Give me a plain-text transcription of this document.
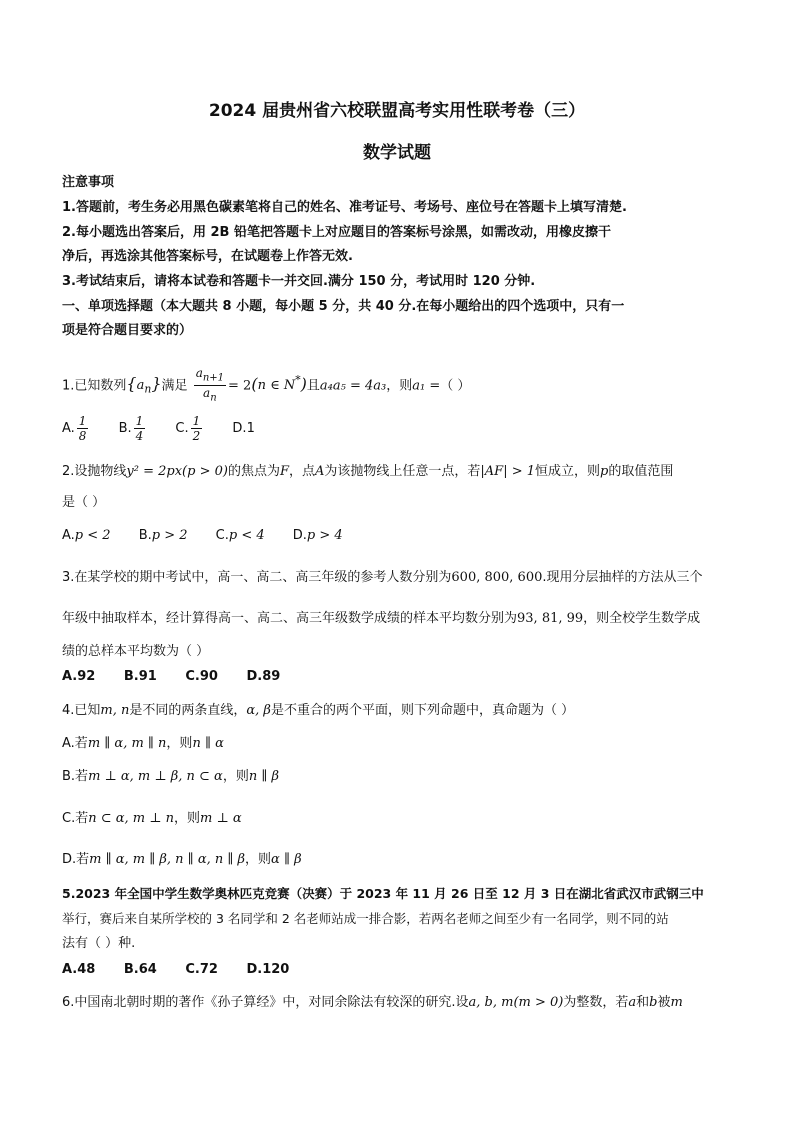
2024 届贵州省六校联盟高考实用性联考卷（三）
数学试题
注意事项
1.答题前，考生务必用黑色碳素笔将自己的姓名、准考证号、考场号、座位号在答题卡上填写清楚.
2.每小题选出答案后，用 2B 铅笔把答题卡上对应题目的答案标号涂黑，如需改动，用橡皮擦干
净后，再选涂其他答案标号，在试题卷上作答无效.
3.考试结束后，请将本试卷和答题卡一并交回.满分 150 分，考试用时 120 分钟.
一、单项选择题（本大题共 8 小题，每小题 5 分，共 40 分.在每小题给出的四个选项中，只有一
项是符合题目要求的）
1.已知数列$\{a_n\}$满足 $\frac{a_{n+1}}{a_n} = 2(n$ ∈ N*)且a₄a₅ = 4a₃，则a₁ =（ ）
A. $\frac{1}{8} B$. $\frac{1}{4} C$. $\frac{1}{2} D.1$
2.设抛物线y² = 2px(p > 0)的焦点为F，点A为该抛物线上任意一点，若|AF| > 1恒成立，则p的取值范围
是（ ）
A.p < 2 B.p > 2 C.p < 4 D.p > 4
3.在某学校的期中考试中，高一、高二、高三年级的参考人数分别为600, 800, 600.现用分层抽样的方法从三个
年级中抽取样本，经计算得高一、高二、高三年级数学成绩的样本平均数分别为93, 81, 99，则全校学生数学成
绩的总样本平均数为（ ）
A.92 B.91 C.90 D.89
4.已知m, n是不同的两条直线，α, β是不重合的两个平面，则下列命题中，真命题为（ ）
A.若m ∥ α, m ∥ n，则n ∥ α
B.若m ⊥ α, m ⊥ β, n ⊂ α，则n ∥ β
C.若n ⊂ α, m ⊥ n，则m ⊥ α
D.若m ∥ α, m ∥ β, n ∥ α, n ∥ β，则α ∥ β
5.2023 年全国中学生数学奥林匹克竞赛（决赛）于 2023 年 11 月 26 日至 12 月 3 日在湖北省武汉市武钢三中
举行，赛后来自某所学校的 3 名同学和 2 名老师站成一排合影，若两名老师之间至少有一名同学，则不同的站
法有（ ）种.
A.48 B.64 C.72 D.120
6.中国南北朝时期的著作《孙子算经》中，对同余除法有较深的研究.设a, b, m(m > 0)为整数，若a和b被m
